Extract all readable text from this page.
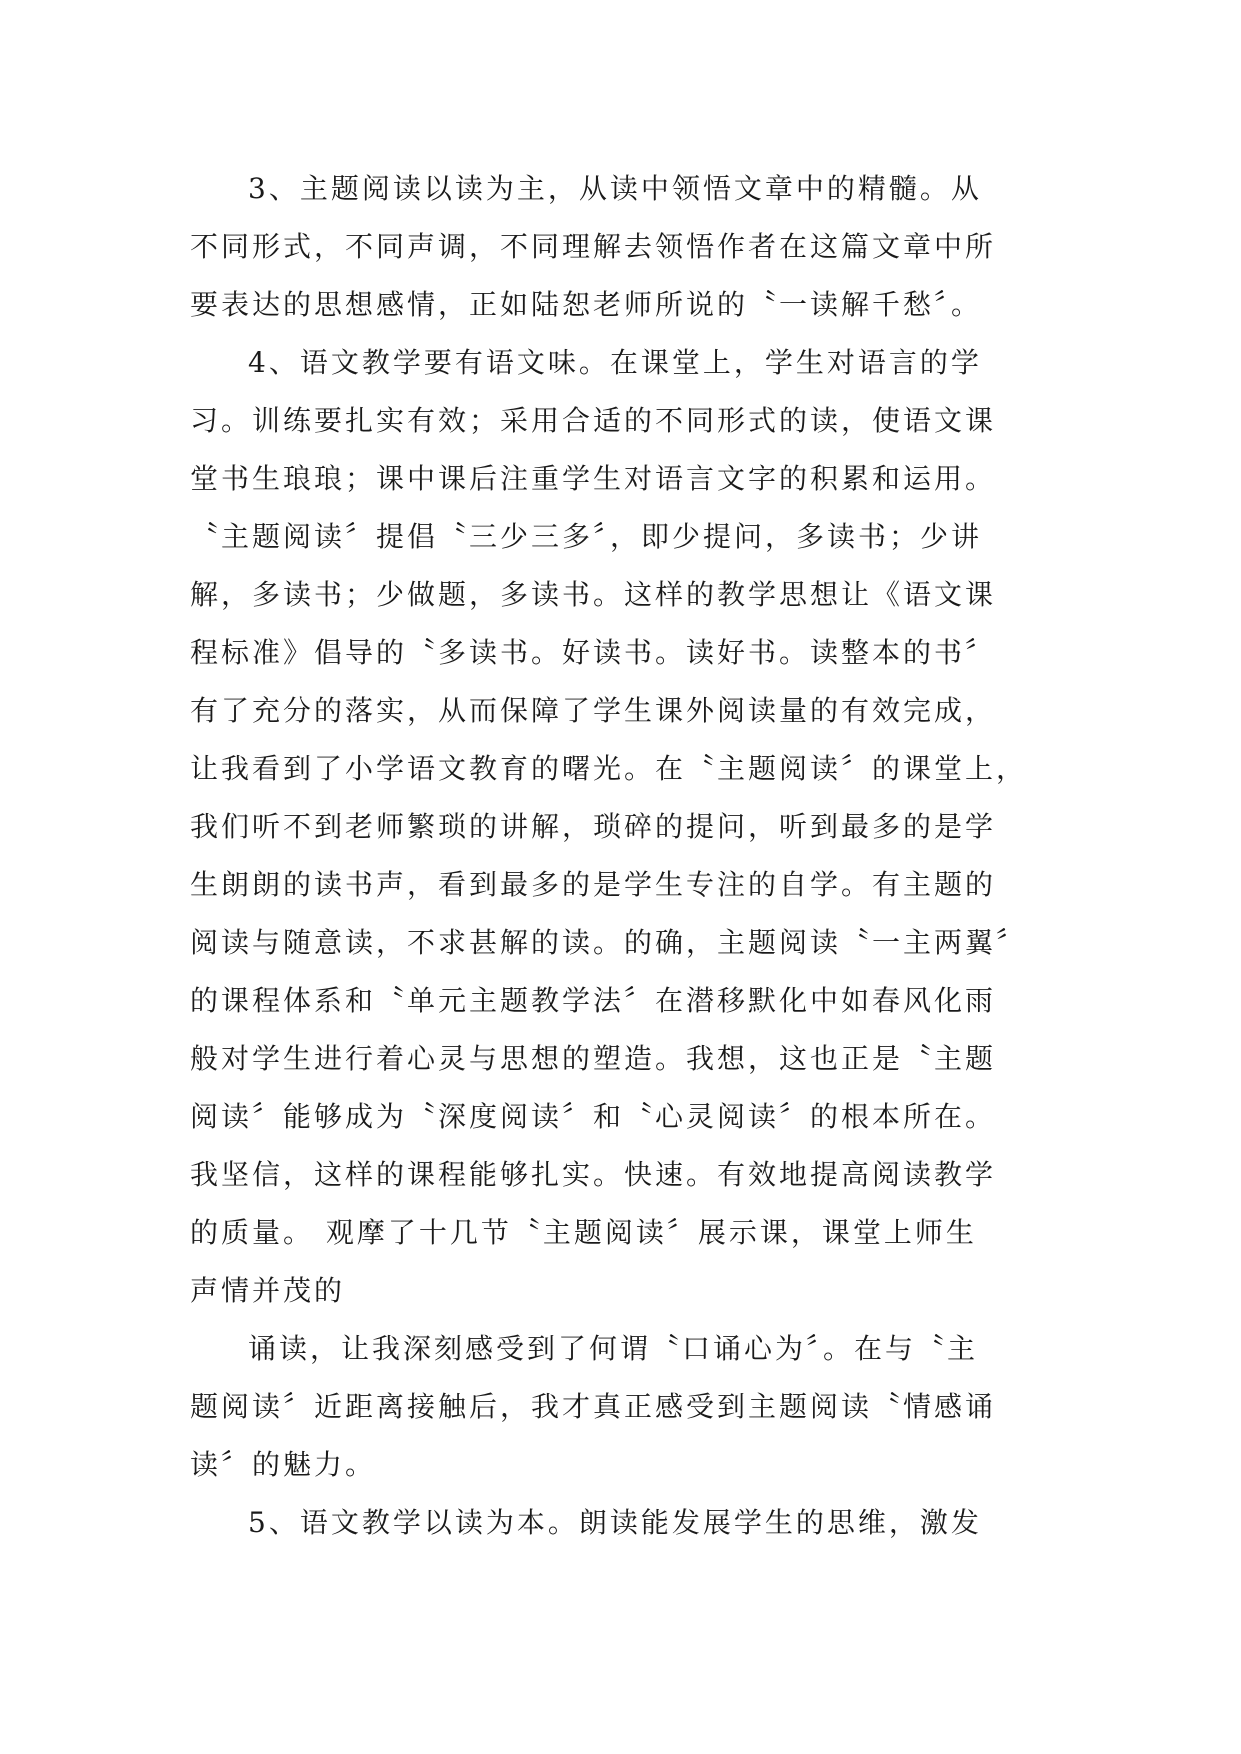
3、主题阅读以读为主，从读中领悟文章中的精髓。从
不同形式，不同声调，不同理解去领悟作者在这篇文章中所
要表达的思想感情，正如陆恕老师所说的〝一读解千愁〞。
4、语文教学要有语文味。在课堂上，学生对语言的学
习。训练要扎实有效；采用合适的不同形式的读，使语文课
堂书生琅琅；课中课后注重学生对语言文字的积累和运用。
〝主题阅读〞提倡〝三少三多〞，即少提问，多读书；少讲
解，多读书；少做题，多读书。这样的教学思想让《语文课
程标准》倡导的〝多读书。好读书。读好书。读整本的书〞
有了充分的落实，从而保障了学生课外阅读量的有效完成，
让我看到了小学语文教育的曙光。在〝主题阅读〞的课堂上，
我们听不到老师繁琐的讲解，琐碎的提问，听到最多的是学
生朗朗的读书声，看到最多的是学生专注的自学。有主题的
阅读与随意读，不求甚解的读。的确，主题阅读〝一主两翼〞
的课程体系和〝单元主题教学法〞在潜移默化中如春风化雨
般对学生进行着心灵与思想的塑造。我想，这也正是〝主题
阅读〞能够成为〝深度阅读〞和〝心灵阅读〞的根本所在。
我坚信，这样的课程能够扎实。快速。有效地提高阅读教学
的质量。 观摩了十几节〝主题阅读〞展示课，课堂上师生
声情并茂的
诵读，让我深刻感受到了何谓〝口诵心为〞。在与〝主
题阅读〞近距离接触后，我才真正感受到主题阅读〝情感诵
读〞的魅力。
5、语文教学以读为本。朗读能发展学生的思维，激发
